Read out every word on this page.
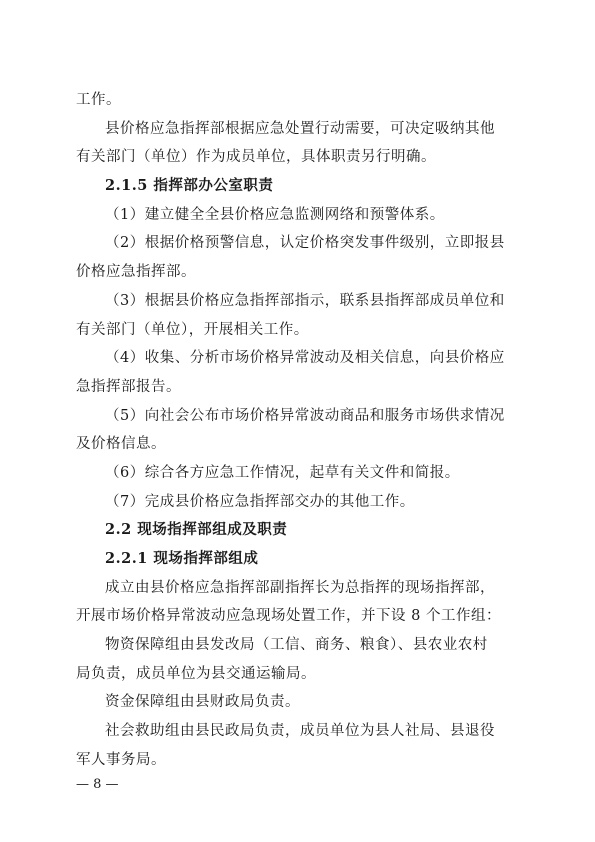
工作。
县价格应急指挥部根据应急处置行动需要，可决定吸纳其他
有关部门（单位）作为成员单位，具体职责另行明确。
2.1.5 指挥部办公室职责
（1）建立健全全县价格应急监测网络和预警体系。
（2）根据价格预警信息，认定价格突发事件级别，立即报县
价格应急指挥部。
（3）根据县价格应急指挥部指示，联系县指挥部成员单位和
有关部门（单位），开展相关工作。
（4）收集、分析市场价格异常波动及相关信息，向县价格应
急指挥部报告。
（5）向社会公布市场价格异常波动商品和服务市场供求情况
及价格信息。
（6）综合各方应急工作情况，起草有关文件和简报。
（7）完成县价格应急指挥部交办的其他工作。
2.2 现场指挥部组成及职责
2.2.1 现场指挥部组成
成立由县价格应急指挥部副指挥长为总指挥的现场指挥部，
开展市场价格异常波动应急现场处置工作，并下设 8 个工作组：
物资保障组由县发改局（工信、商务、粮食）、县农业农村
局负责，成员单位为县交通运输局。
资金保障组由县财政局负责。
社会救助组由县民政局负责，成员单位为县人社局、县退役
军人事务局。
— 8 —
